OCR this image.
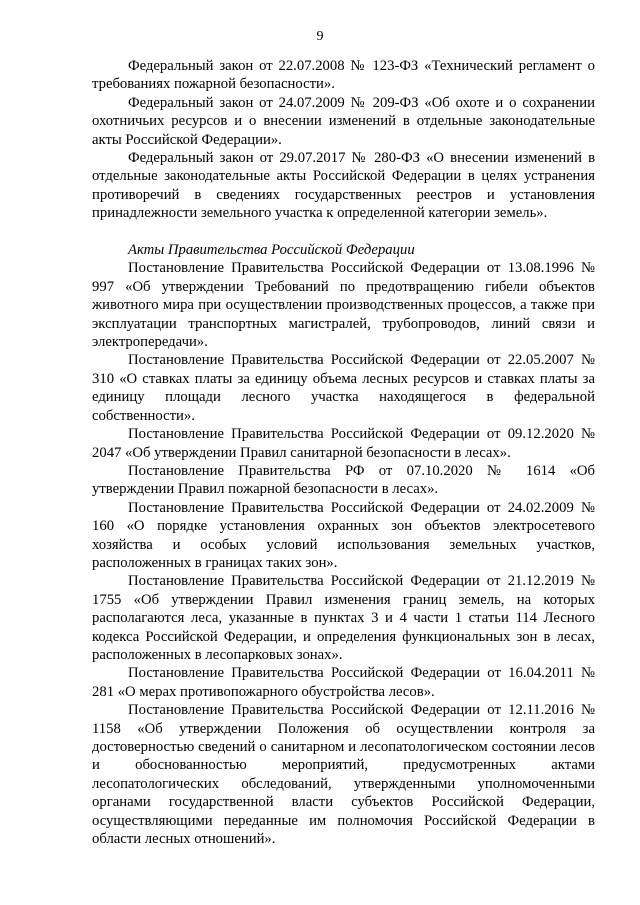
9

Федеральный закон от 22.07.2008 № 123-ФЗ «Технический регламент о требованиях пожарной безопасности».

Федеральный закон от 24.07.2009 № 209-ФЗ «Об охоте и о сохранении охотничьих ресурсов и о внесении изменений в отдельные законодательные акты Российской Федерации».

Федеральный закон от 29.07.2017 № 280-ФЗ «О внесении изменений в отдельные законодательные акты Российской Федерации в целях устранения противоречий в сведениях государственных реестров и установления принадлежности земельного участка к определенной категории земель».

Акты Правительства Российской Федерации

Постановление Правительства Российской Федерации от 13.08.1996 № 997 «Об утверждении Требований по предотвращению гибели объектов животного мира при осуществлении производственных процессов, а также при эксплуатации транспортных магистралей, трубопроводов, линий связи и электропередачи».

Постановление Правительства Российской Федерации от 22.05.2007 № 310 «О ставках платы за единицу объема лесных ресурсов и ставках платы за единицу площади лесного участка находящегося в федеральной собственности».

Постановление Правительства Российской Федерации от 09.12.2020 № 2047 «Об утверждении Правил санитарной безопасности в лесах».

Постановление Правительства РФ от 07.10.2020 № 1614 «Об утверждении Правил пожарной безопасности в лесах».

Постановление Правительства Российской Федерации от 24.02.2009 № 160 «О порядке установления охранных зон объектов электросетевого хозяйства и особых условий использования земельных участков, расположенных в границах таких зон».

Постановление Правительства Российской Федерации от 21.12.2019 № 1755 «Об утверждении Правил изменения границ земель, на которых располагаются леса, указанные в пунктах 3 и 4 части 1 статьи 114 Лесного кодекса Российской Федерации, и определения функциональных зон в лесах, расположенных в лесопарковых зонах».

Постановление Правительства Российской Федерации от 16.04.2011 № 281 «О мерах противопожарного обустройства лесов».

Постановление Правительства Российской Федерации от 12.11.2016 № 1158 «Об утверждении Положения об осуществлении контроля за достоверностью сведений о санитарном и лесопатологическом состоянии лесов и обоснованностью мероприятий, предусмотренных актами лесопатологических обследований, утвержденными уполномоченными органами государственной власти субъектов Российской Федерации, осуществляющими переданные им полномочия Российской Федерации в области лесных отношений».
